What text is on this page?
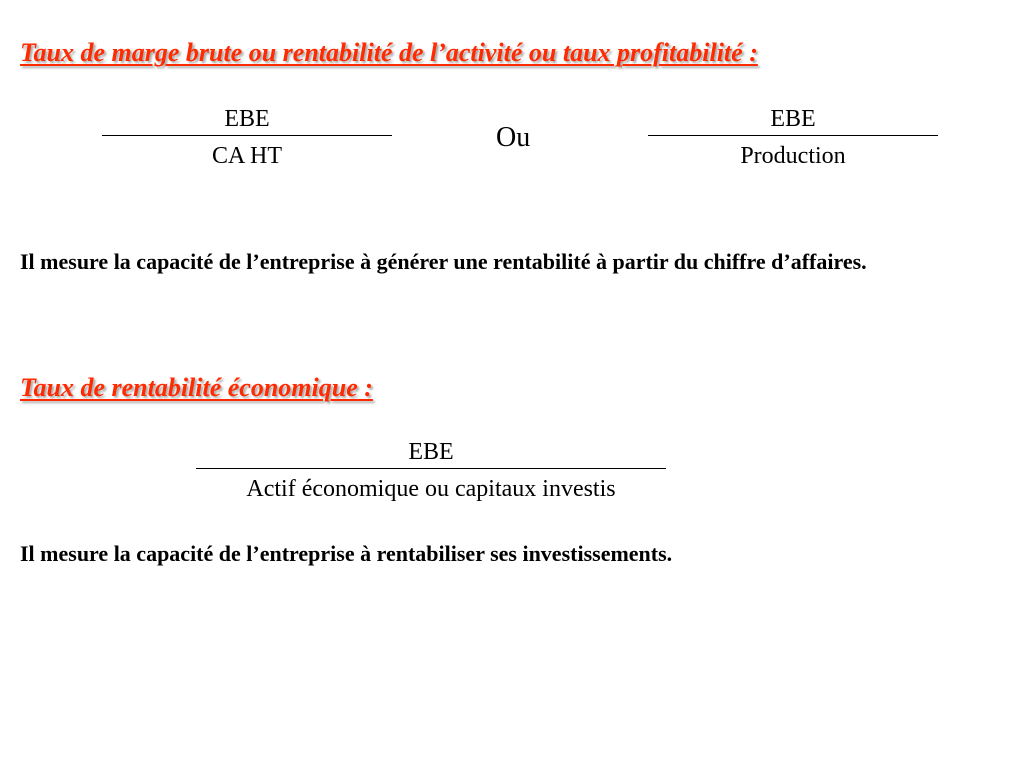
Taux de marge brute ou rentabilité de l’activité ou taux profitabilité :
EBE
CA HT

Ou

EBE
Production

Il mesure la capacité de l’entreprise à générer une rentabilité à partir du chiffre d’affaires.

Taux de rentabilité économique :
EBE
Actif économique ou capitaux investis

Il mesure la capacité de l’entreprise à rentabiliser ses investissements.
